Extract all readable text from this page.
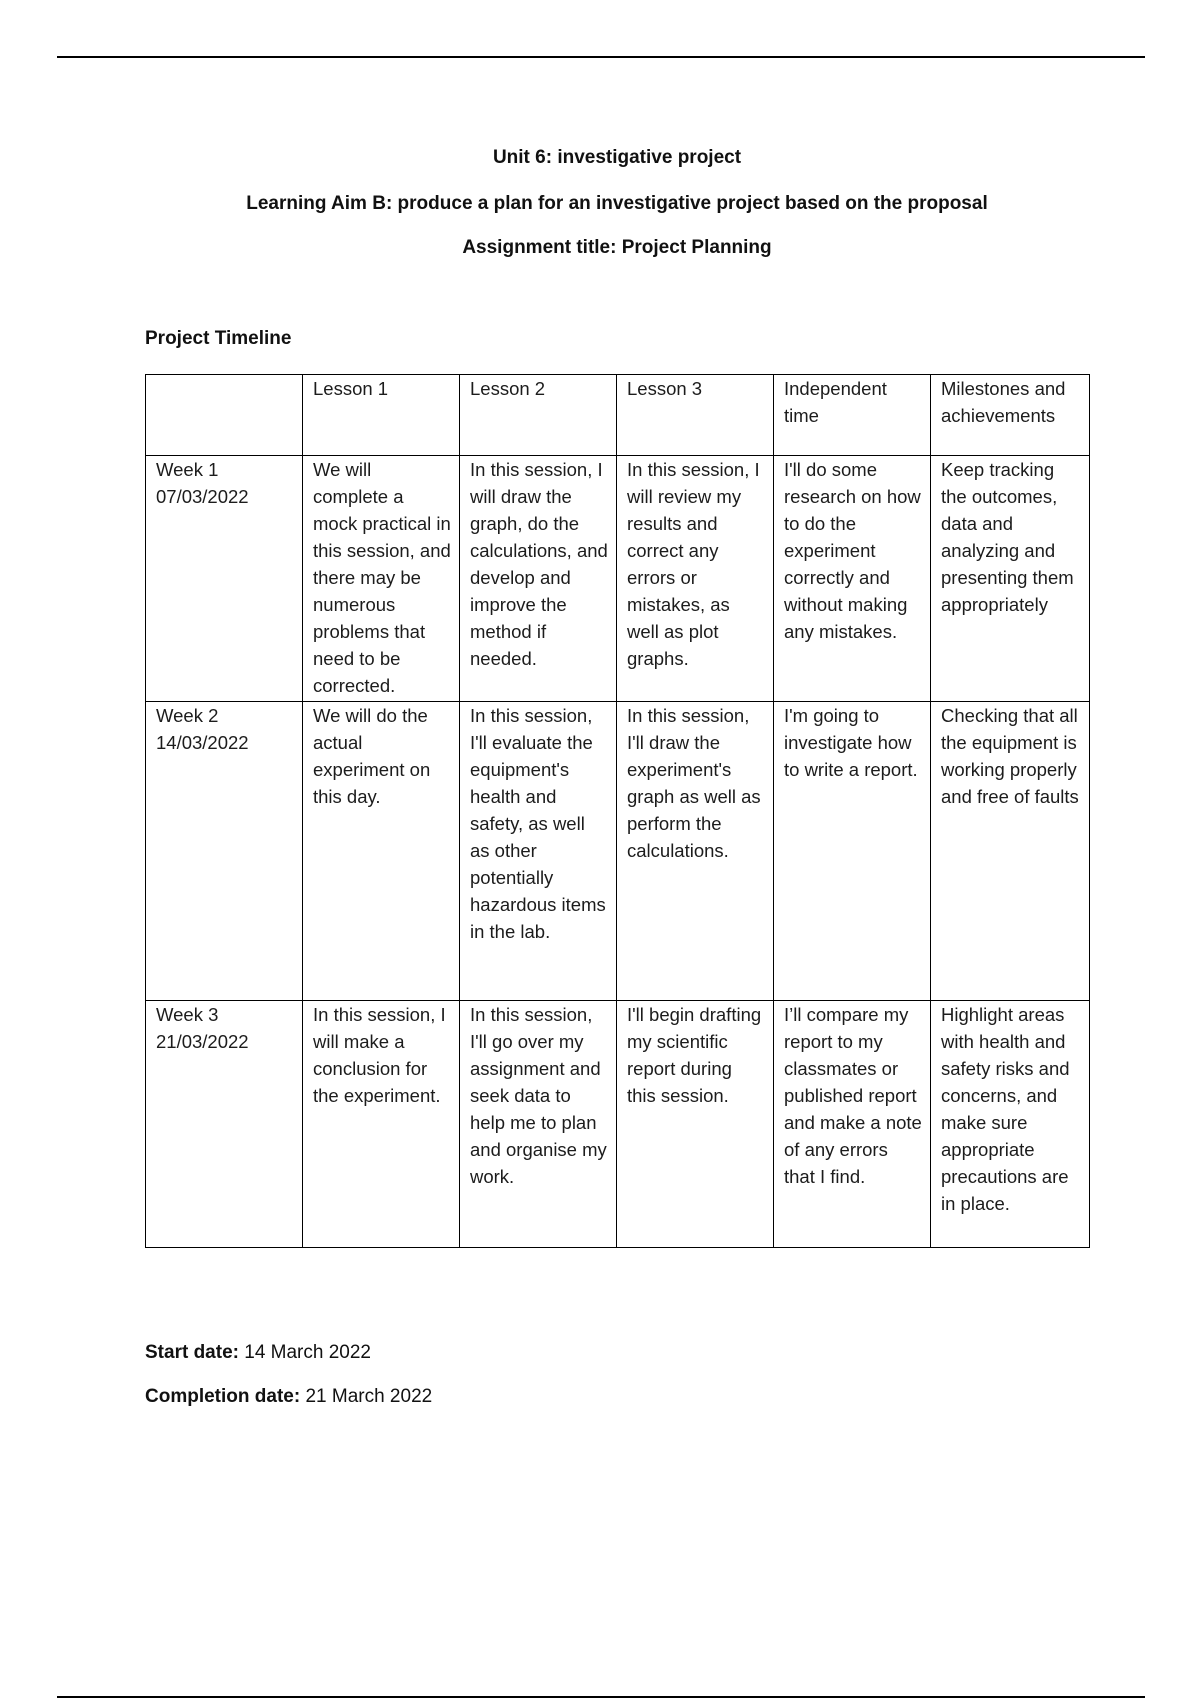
Unit 6: investigative project
Learning Aim B: produce a plan for an investigative project based on the proposal
Assignment title: Project Planning
Project Timeline
	Lesson 1	Lesson 2	Lesson 3	Independent time	Milestones and achievements

Week 1
07/03/2022	We will complete a mock practical in this session, and there may be numerous problems that need to be corrected.	In this session, I will draw the graph, do the calculations, and develop and improve the method if needed.	In this session, I will review my results and correct any errors or mistakes, as well as plot graphs.	I'll do some research on how to do the experiment correctly and without making any mistakes.	Keep tracking the outcomes, data and analyzing and presenting them appropriately

Week 2
14/03/2022	We will do the actual experiment on this day.	In this session, I'll evaluate the equipment's health and safety, as well as other potentially hazardous items in the lab.	In this session, I'll draw the experiment's graph as well as perform the calculations.	I'm going to investigate how to write a report.	Checking that all the equipment is working properly and free of faults

Week 3
21/03/2022	In this session, I will make a conclusion for the experiment.	In this session, I'll go over my assignment and seek data to help me to plan and organise my work.	I'll begin drafting my scientific report during this session.	I’ll compare my report to my classmates or published report and make a note of any errors that I find.	Highlight areas with health and safety risks and concerns, and make sure appropriate precautions are in place.
Start date: 14 March 2022
Completion date: 21 March 2022
